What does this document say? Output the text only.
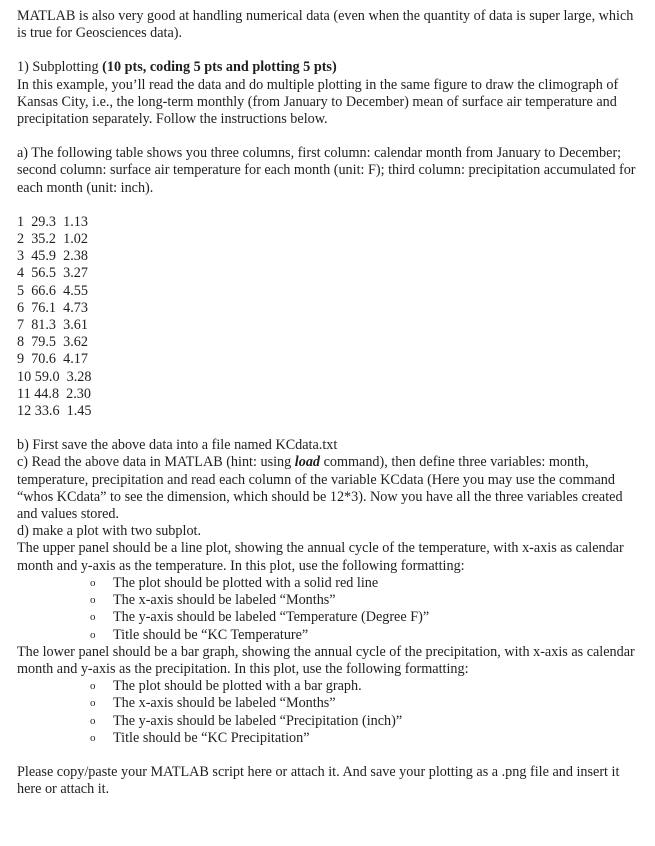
MATLAB is also very good at handling numerical data (even when the quantity of data is super large, which is true for Geosciences data).

1) Subplotting (10 pts, coding 5 pts and plotting 5 pts)

In this example, you’ll read the data and do multiple plotting in the same figure to draw the climograph of Kansas City, i.e., the long-term monthly (from January to December) mean of surface air temperature and precipitation separately. Follow the instructions below.

a) The following table shows you three columns, first column: calendar month from January to December; second column: surface air temperature for each month (unit: F); third column: precipitation accumulated for each month (unit: inch).

1  29.3  1.13
2  35.2  1.02
3  45.9  2.38
4  56.5  3.27
5  66.6  4.55
6  76.1  4.73
7  81.3  3.61
8  79.5  3.62
9  70.6  4.17
10 59.0  3.28
11 44.8  2.30
12 33.6  1.45

b) First save the above data into a file named KCdata.txt

c) Read the above data in MATLAB (hint: using load command), then define three variables: month, temperature, precipitation and read each column of the variable KCdata (Here you may use the command “whos KCdata” to see the dimension, which should be 12*3). Now you have all the three variables created and values stored.

d) make a plot with two subplot.

The upper panel should be a line plot, showing the annual cycle of the temperature, with x-axis as calendar month and y-axis as the temperature. In this plot, use the following formatting:

o The plot should be plotted with a solid red line
o The x-axis should be labeled “Months”
o The y-axis should be labeled “Temperature (Degree F)”
o Title should be “KC Temperature”

The lower panel should be a bar graph, showing the annual cycle of the precipitation, with x-axis as calendar month and y-axis as the precipitation. In this plot, use the following formatting:

o The plot should be plotted with a bar graph.
o The x-axis should be labeled “Months”
o The y-axis should be labeled “Precipitation (inch)”
o Title should be “KC Precipitation”

Please copy/paste your MATLAB script here or attach it. And save your plotting as a .png file and insert it here or attach it.
